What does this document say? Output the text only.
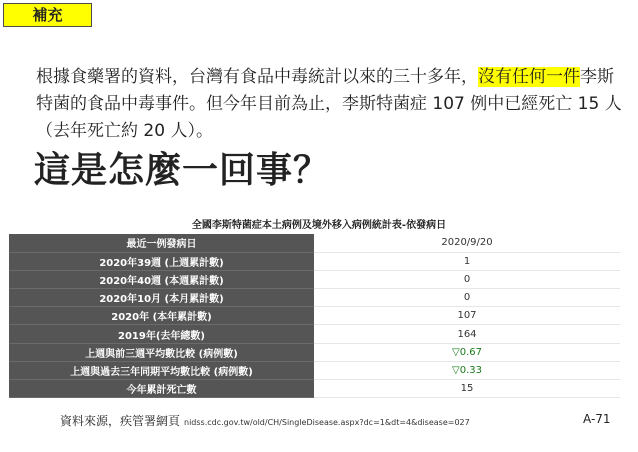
補充
根據食藥署的資料，台灣有食品中毒統計以來的三十多年，沒有任何一件李斯特菌的食品中毒事件。但今年目前為止，李斯特菌症 107 例中已經死亡 15 人（去年死亡約 20 人）。
這是怎麼一回事？
全國李斯特菌症本土病例及境外移入病例統計表-依發病日
最近一例發病日	2020/9/20
2020年39週 (上週累計數)	1
2020年40週 (本週累計數)	0
2020年10月 (本月累計數)	0
2020年 (本年累計數)	107
2019年(去年總數)	164
上週與前三週平均數比較 (病例數)	▽0.67
上週與過去三年同期平均數比較 (病例數)	▽0.33
今年累計死亡數	15
資料來源，疾管署網頁 nidss.cdc.gov.tw/old/CH/SingleDisease.aspx?dc=1&dt=4&disease=027	A-71
